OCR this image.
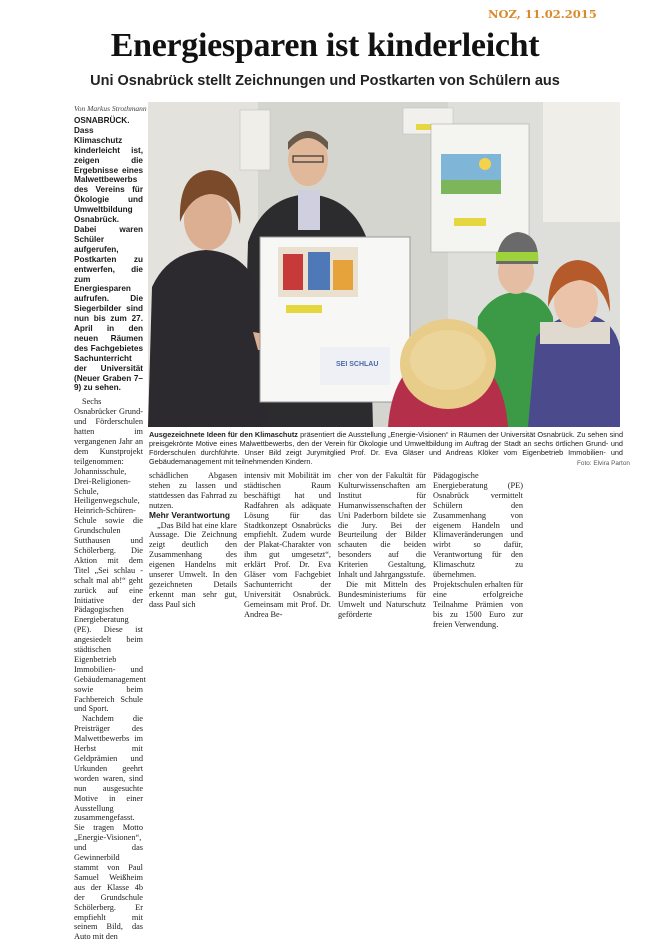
NOZ, 11.02.2015
Energiesparen ist kinderleicht
Uni Osnabrück stellt Zeichnungen und Postkarten von Schülern aus
Von Markus Strothmann

OSNABRÜCK. Dass Klimaschutz kinderleicht ist, zeigen die Ergebnisse eines Malwettbewerbs des Vereins für Ökologie und Umweltbildung Osnabrück. Dabei waren Schüler aufgerufen, Postkarten zu entwerfen, die zum Energiesparen aufrufen. Die Siegerbilder sind nun bis zum 27. April in den neuen Räumen des Fachgebietes Sachunterricht der Universität (Neuer Graben 7–9) zu sehen.

Sechs Osnabrücker Grund- und Förderschulen hatten im vergangenen Jahr an dem Kunstprojekt teilgenommen: Johannisschule, Drei-Religionen-Schule, Heiligenwegschule, Heinrich-Schüren-Schule sowie die Grundschulen Sutthausen und Schölerberg. Die Aktion mit dem Titel „Sei schlau - schalt mal ab!“ geht zurück auf eine Initiative der Pädagogischen Energieberatung (PE). Diese ist angesiedelt beim städtischen Eigenbetrieb Immobilien- und Gebäudemanagement sowie beim Fachbereich Schule und Sport.

Nachdem die Preisträger des Malwettbewerbs im Herbst mit Geldprämien und Urkunden geehrt worden waren, sind nun ausgesuchte Motive in einer Ausstellung zusammengefasst. Sie tragen Motto „Energie-Visionen“, und das Gewinnerbild stammt von Paul Samuel Weißheim aus der Klasse 4b der Grundschule Schölerberg. Er empfiehlt mit seinem Bild, das Auto mit den

SEI SCHLAU
Ausgezeichnete Ideen für den Klimaschutz präsentiert die Ausstellung „Energie-Visionen“ in Räumen der Universität Osnabrück. Zu sehen sind preisgekrönte Motive eines Malwettbewerbs, den der Verein für Ökologie und Umweltbildung im Auftrag der Stadt an sechs örtlichen Grund- und Förderschulen durchführte. Unser Bild zeigt Jurymitglied Prof. Dr. Eva Gläser und Andreas Klöker vom Eigenbetrieb Immobilien- und Gebäudemanagement mit teilnehmenden Kindern.	Foto: Elvira Parton

schädlichen Abgasen stehen zu lassen und stattdessen das Fahrrad zu nutzen.

Mehr Verantwortung

„Das Bild hat eine klare Aussage. Die Zeichnung zeigt deutlich den Zusammenhang des eigenen Handelns mit unserer Umwelt. In den gezeichneten Details erkennt man sehr gut, dass Paul sich

intensiv mit Mobilität im städtischen Raum beschäftigt hat und Radfahren als adäquate Lösung für das Stadtkonzept Osnabrücks empfiehlt. Zudem wurde der Plakat-Charakter von ihm gut umgesetzt“, erklärt Prof. Dr. Eva Gläser vom Fachgebiet Sachunterricht der Universität Osnabrück. Gemeinsam mit Prof. Dr. Andrea Be-

cher von der Fakultät für Kulturwissenschaften am Institut für Humanwissenschaften der Uni Paderborn bildete sie die Jury. Bei der Beurteilung der Bilder schauten die beiden besonders auf die Kriterien Gestaltung, Inhalt und Jahrgangsstufe.

Die mit Mitteln des Bundesministeriums für Umwelt und Naturschutz geförderte

Pädagogische Energieberatung (PE) Osnabrück vermittelt Schülern den Zusammenhang von eigenem Handeln und Klimaveränderungen und wirbt so dafür, Verantwortung für den Klimaschutz zu übernehmen. Projektschulen erhalten für eine erfolgreiche Teilnahme Prämien von bis zu 1500 Euro zur freien Verwendung.
